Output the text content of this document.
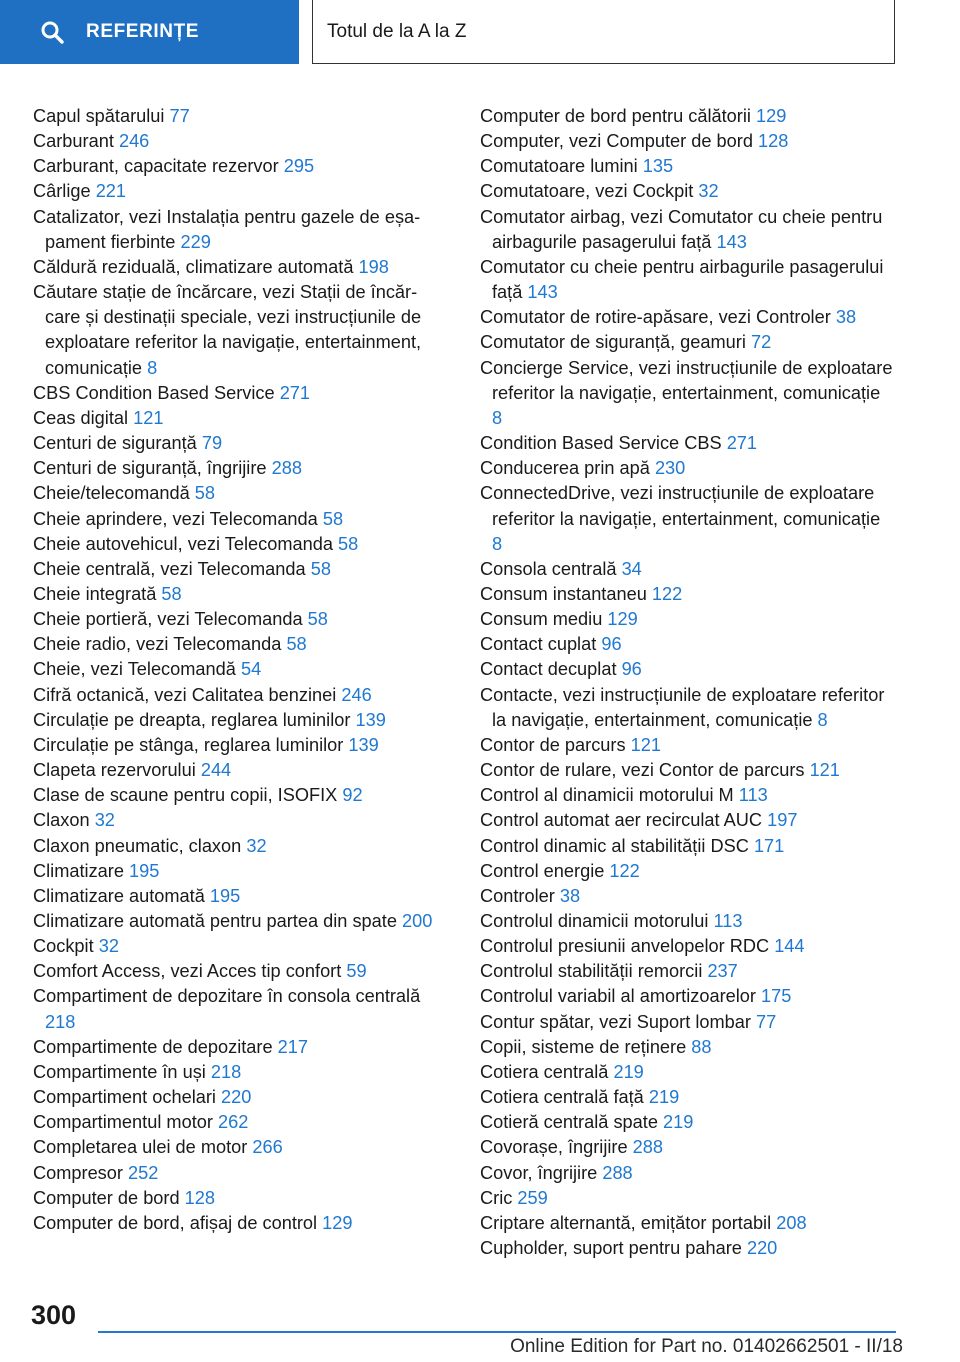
REFERINȚE	Totul de la A la Z
Capul spătarului 77
Carburant 246
Carburant, capacitate rezervor 295
Cârlige 221
Catalizator, vezi Instalația pentru gazele de eșapament fierbinte 229
Căldură reziduală, climatizare automată 198
Căutare stație de încărcare, vezi Stații de încărcare și destinații speciale, vezi instrucțiunile de exploatare referitor la navigație, entertainment, comunicație 8
CBS Condition Based Service 271
Ceas digital 121
Centuri de siguranță 79
Centuri de siguranță, îngrijire 288
Cheie/telecomandă 58
Cheie aprindere, vezi Telecomanda 58
Cheie autovehicul, vezi Telecomanda 58
Cheie centrală, vezi Telecomanda 58
Cheie integrată 58
Cheie portieră, vezi Telecomanda 58
Cheie radio, vezi Telecomanda 58
Cheie, vezi Telecomandă 54
Cifră octanică, vezi Calitatea benzinei 246
Circulație pe dreapta, reglarea luminilor 139
Circulație pe stânga, reglarea luminilor 139
Clapeta rezervorului 244
Clase de scaune pentru copii, ISOFIX 92
Claxon 32
Claxon pneumatic, claxon 32
Climatizare 195
Climatizare automată 195
Climatizare automată pentru partea din spate 200
Cockpit 32
Comfort Access, vezi Acces tip confort 59
Compartiment de depozitare în consola centrală 218
Compartimente de depozitare 217
Compartimente în uși 218
Compartiment ochelari 220
Compartimentul motor 262
Completarea ulei de motor 266
Compresor 252
Computer de bord 128
Computer de bord, afișaj de control 129
Computer de bord pentru călătorii 129
Computer, vezi Computer de bord 128
Comutatoare lumini 135
Comutatoare, vezi Cockpit 32
Comutator airbag, vezi Comutator cu cheie pentru airbagurile pasagerului față 143
Comutator cu cheie pentru airbagurile pasagerului față 143
Comutator de rotire-apăsare, vezi Controler 38
Comutator de siguranță, geamuri 72
Concierge Service, vezi instrucțiunile de exploatare referitor la navigație, entertainment, comunicație 8
Condition Based Service CBS 271
Conducerea prin apă 230
ConnectedDrive, vezi instrucțiunile de exploatare referitor la navigație, entertainment, comunicație 8
Consola centrală 34
Consum instantaneu 122
Consum mediu 129
Contact cuplat 96
Contact decuplat 96
Contacte, vezi instrucțiunile de exploatare referitor la navigație, entertainment, comunicație 8
Contor de parcurs 121
Contor de rulare, vezi Contor de parcurs 121
Control al dinamicii motorului M 113
Control automat aer recirculat AUC 197
Control dinamic al stabilității DSC 171
Control energie 122
Controler 38
Controlul dinamicii motorului 113
Controlul presiunii anvelopelor RDC 144
Controlul stabilității remorcii 237
Controlul variabil al amortizoarelor 175
Contur spătar, vezi Suport lombar 77
Copii, sisteme de reținere 88
Cotiera centrală 219
Cotiera centrală față 219
Cotieră centrală spate 219
Covorașe, îngrijire 288
Covor, îngrijire 288
Cric 259
Criptare alternantă, emițător portabil 208
Cupholder, suport pentru pahare 220
300
Online Edition for Part no. 01402662501 - II/18
